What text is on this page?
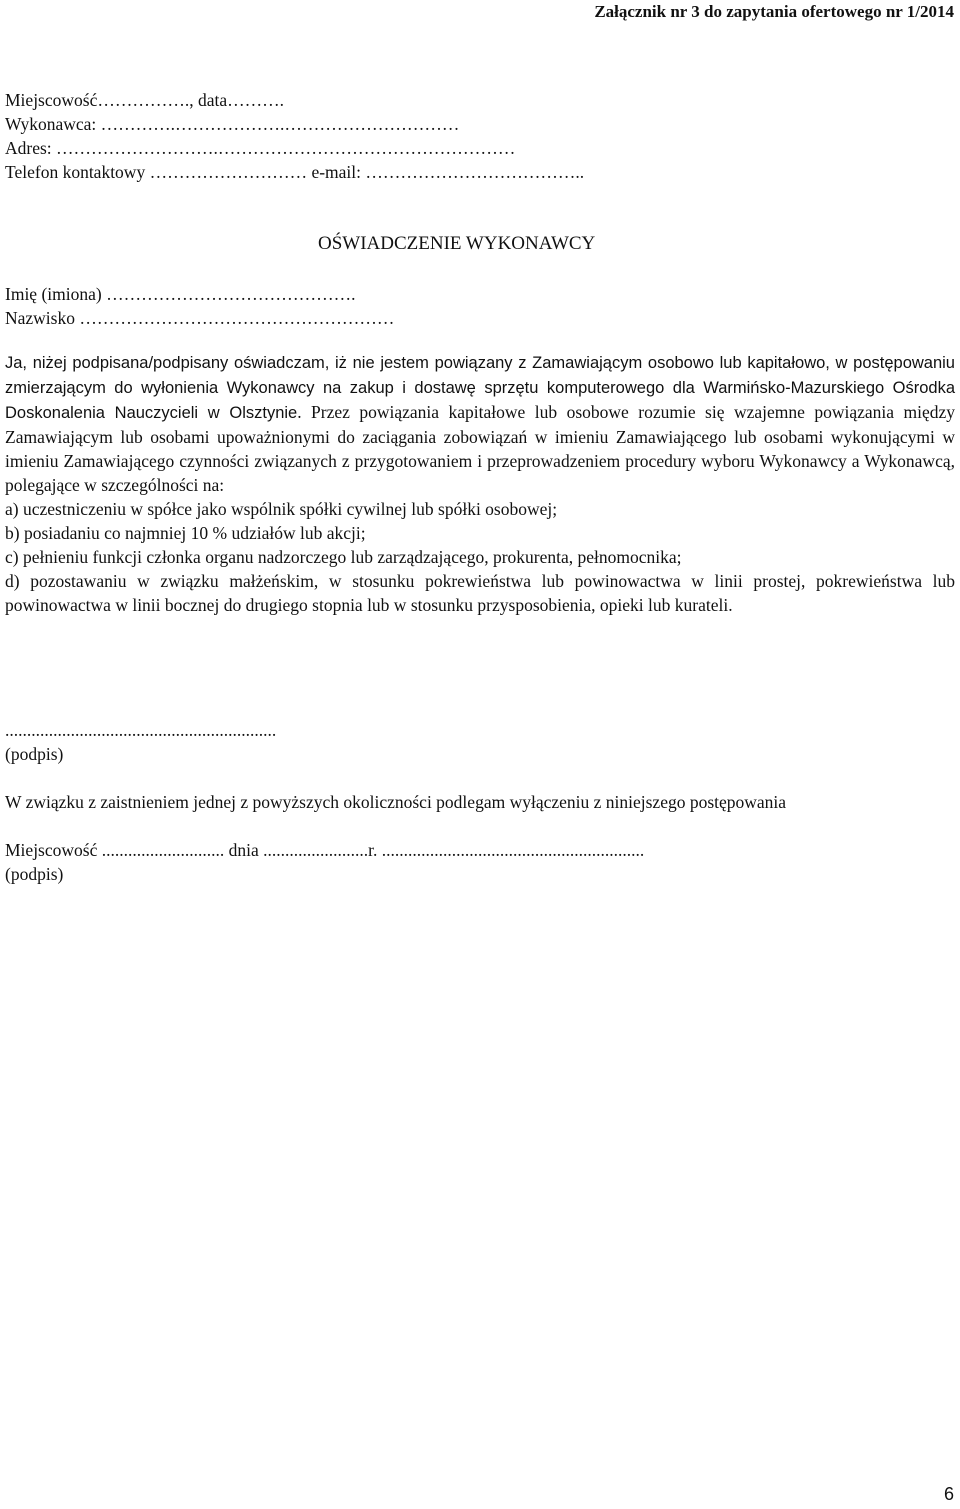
Załącznik nr 3 do zapytania ofertowego nr 1/2014
Miejscowość……………., data……….
Wykonawca: ………….……………….…………………………
Adres: ……………………….……………………………………………
Telefon kontaktowy ……………………… e-mail: ………………………………..
OŚWIADCZENIE WYKONAWCY
Imię (imiona) …………………………………….
Nazwisko ………………………………………………

Ja, niżej podpisana/podpisany oświadczam, iż nie jestem powiązany z Zamawiającym osobowo lub kapitałowo, w postępowaniu zmierzającym do wyłonienia Wykonawcy na zakup i dostawę sprzętu komputerowego dla Warmińsko-Mazurskiego Ośrodka Doskonalenia Nauczycieli w Olsztynie. Przez powiązania kapitałowe lub osobowe rozumie się wzajemne powiązania między Zamawiającym lub osobami upoważnionymi do zaciągania zobowiązań w imieniu Zamawiającego lub osobami wykonującymi w imieniu Zamawiającego czynności związanych z przygotowaniem i przeprowadzeniem procedury wyboru Wykonawcy a Wykonawcą, polegające w szczególności na:

a) uczestniczeniu w spółce jako wspólnik spółki cywilnej lub spółki osobowej;

b) posiadaniu co najmniej 10 % udziałów lub akcji;

c) pełnieniu funkcji członka organu nadzorczego lub zarządzającego, prokurenta, pełnomocnika;

d) pozostawaniu w związku małżeńskim, w stosunku pokrewieństwa lub powinowactwa w linii prostej, pokrewieństwa lub powinowactwa w linii bocznej do drugiego stopnia lub w stosunku przysposobienia, opieki lub kurateli.

..............................................................
(podpis)
W związku z zaistnieniem jednej z powyższych okoliczności podlegam wyłączeniu z niniejszego postępowania
Miejscowość ............................ dnia ........................r. ............................................................
(podpis)
6
